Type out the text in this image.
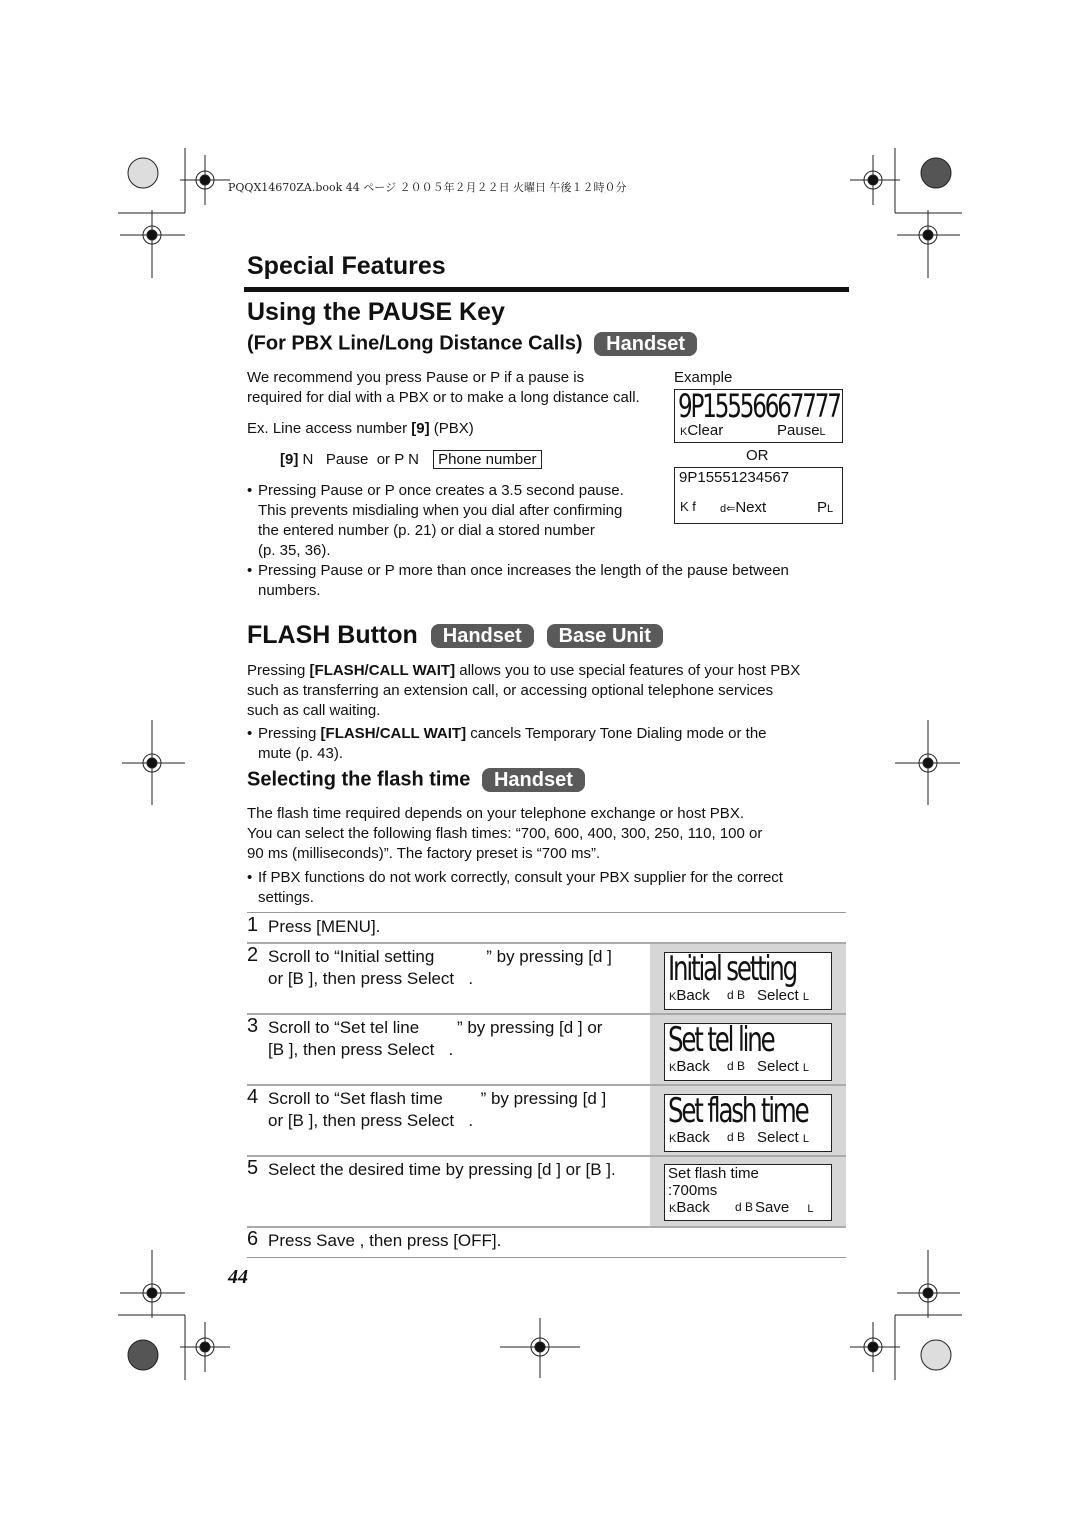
PQQX14670ZA.book 44 ページ ２００５年２月２２日 火曜日 午後１２時０分
Special Features
Using the PAUSE Key
(For PBX Line/Long Distance Calls) Handset
We recommend you press Pause or P if a pause is
required for dial with a PBX or to make a long distance call.
Ex. Line access number [9] (PBX)
[9] N   Pause  or P N Phone number
• Pressing Pause or P once creates a 3.5 second pause.
This prevents misdialing when you dial after confirming
the entered number (p. 21) or dial a stored number
(p. 35, 36).
• Pressing Pause or P more than once increases the length of the pause between
numbers.
Example
9P15556667777
KClear	PauseL
OR
9P15551234567
K f d⇐Next	PL
FLASH Button Handset Base Unit
Pressing [FLASH/CALL WAIT] allows you to use special features of your host PBX
such as transferring an extension call, or accessing optional telephone services
such as call waiting.
• Pressing [FLASH/CALL WAIT] cancels Temporary Tone Dialing mode or the
mute (p. 43).
Selecting the flash time Handset
The flash time required depends on your telephone exchange or host PBX.
You can select the following flash times: “700, 600, 400, 300, 250, 110, 100 or
90 ms (milliseconds)”. The factory preset is “700 ms”.
• If PBX functions do not work correctly, consult your PBX supplier for the correct
settings.
1 Press [MENU].
2 Scroll to “Initial setting           ” by pressing [d ]
or [B ], then press Select   .
3 Scroll to “Set tel line        ” by pressing [d ] or
[B ], then press Select   .
4 Scroll to “Set flash time        ” by pressing [d ]
or [B ], then press Select   .
5 Select the desired time by pressing [d ] or [B ].
6 Press Save , then press [OFF].
Initial setting
KBack d B Select L
Set tel line
KBack d B Select L
Set flash time
KBack d B Select L
Set flash time
:700ms
KBack d B Save L
44
